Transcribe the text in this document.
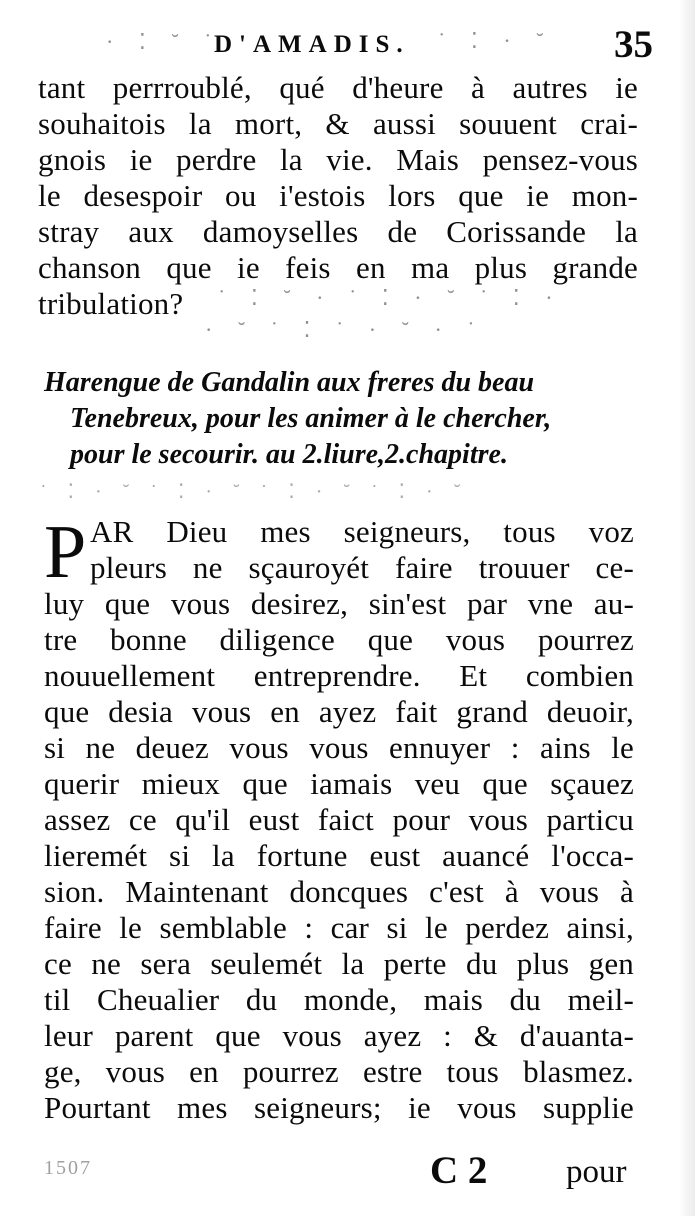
· ⁚ ˘ ˙
D'AMADIS. ˙ ⁚ · ˘ 35
tant perrroublé, qué d'heure à autres ie
souhaitois la mort, & aussi souuent crai-
gnois ie perdre la vie. Mais pensez-vous
le desespoir ou i'estois lors que ie mon-
stray aux damoyselles de Corissande la
chanson que ie feis en ma plus grande
tribulation?	˙ ⁚ ˘ · ˙ ⁚ · ˘ ˙ ⁚ ·
· ˘ ˙ ⁚ ˙ · ˘ · ˙
Harengue de Gandalin aux freres du beau
Tenebreux, pour les animer à le chercher,
pour le secourir. au 2.liure,2.chapitre.
˙ ⁚ · ˘ ˙ ⁚ · ˘ ˙ ⁚ · ˘ ˙ ⁚ · ˘
P AR Dieu mes seigneurs, tous voz
pleurs ne sçauroyét faire trouuer ce-
luy que vous desirez, sin'est par vne au-
tre bonne diligence que vous pourrez
nouuellement entreprendre. Et combien
que desia vous en ayez fait grand deuoir,
si ne deuez vous vous ennuyer : ains le
querir mieux que iamais veu que sçauez
assez ce qu'il eust faict pour vous particu
lieremét si la fortune eust auancé l'occa-
sion. Maintenant doncques c'est à vous à
faire le semblable : car si le perdez ainsi,
ce ne sera seulemét la perte du plus gen
til Cheualier du monde, mais du meil-
leur parent que vous ayez : & d'auanta-
ge, vous en pourrez estre tous blasmez.
Pourtant mes seigneurs; ie vous supplie
1507	C 2 pour
